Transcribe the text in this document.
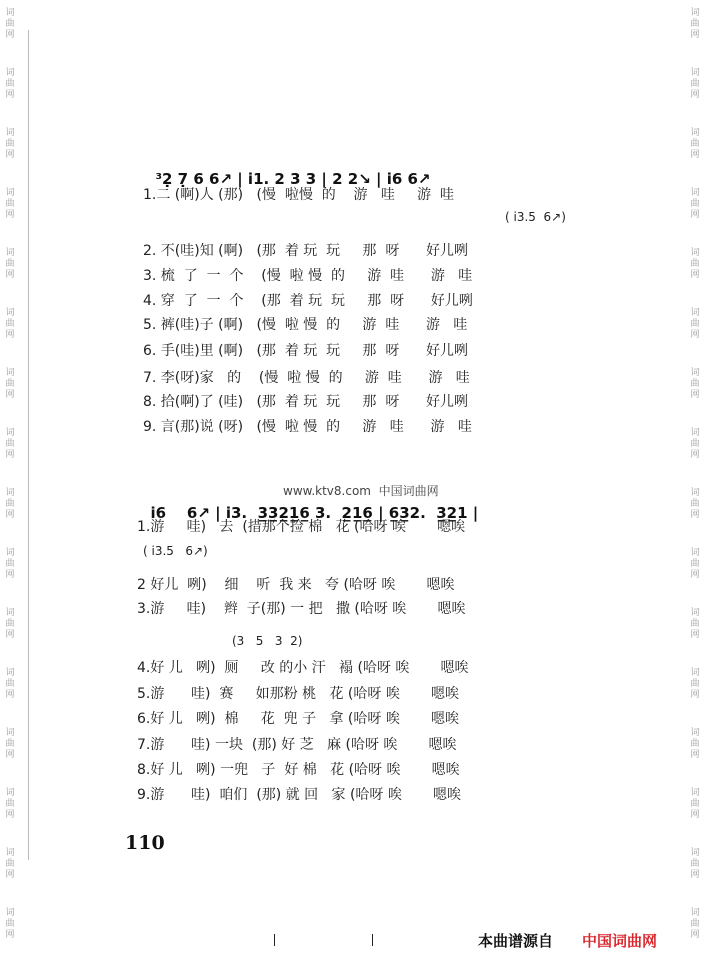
词
曲
网
词
曲
网
词
曲
网
词
曲
网
词
曲
网
词
曲
网
词
曲
网
词
曲
网
词
曲
网
词
曲
网
词
曲
网
词
曲
网
词
曲
网
词
曲
网
词
曲
网
词
曲
网
词
曲
网
词
曲
网
词
曲
网
词
曲
网
词
曲
网
词
曲
网
词
曲
网
词
曲
网
词
曲
网
词
曲
网
词
曲
网
词
曲
网
词
曲
网
词
曲
网
词
曲
网
词
曲
网

³2̣ 7̣ 6 6↗ | i1. 2 3 3 | 2 2↘ | i6 6↗

1.二 (啊)人 (那)   (慢  啦慢  的    游   哇     游  哇
2. 不(哇)知 (啊)   (那  着 玩  玩     那  呀      好儿咧
3. 梳  了  一  个    (慢  啦 慢  的     游  哇      游   哇
4. 穿  了  一  个    (那  着 玩  玩     那  呀      好儿咧
5. 裤(哇)子 (啊)   (慢  啦 慢  的     游  哇      游   哇
6. 手(哇)里 (啊)   (那  着 玩  玩     那  呀      好儿咧
7. 李(呀)家   的    (慢  啦 慢  的     游  哇      游   哇
8. 拾(啊)了 (哇)   (那  着 玩  玩     那  呀      好儿咧
9. 言(那)说 (呀)   (慢  啦 慢  的     游   哇      游   哇
( i3.5  6↗)

i6    6↗ | i3.  3̲3̲2̲1̲6̲ 3.  2̲1̲6̲ | 6̲3̲2.  3̲2̲1 |

www.ktv8.com  中国词曲网
1.游     哇)   去  (措那个捡 棉   花 (哈呀 唉       嗯唉
2 好儿  咧)    细    听  我 来   夸 (哈呀 唉       嗯唉
3.游     哇)    辫  子(那) 一 把   撒 (哈呀 唉       嗯唉
4.好 儿   咧)  厕     改 的小 汗   褟 (哈呀 唉       嗯唉
5.游      哇)  赛     如那粉 桃   花 (哈呀 唉       嗯唉
6.好 儿   咧)  棉     花  兜 子   拿 (哈呀 唉       嗯唉
7.游      哇) 一块  (那) 好 芝   麻 (哈呀 唉       嗯唉
8.好 儿   咧) 一兜   子  好 棉   花 (哈呀 唉       嗯唉
9.游      哇)  咱们  (那) 就 回   家 (哈呀 唉       嗯唉
( i3.5   6↗)
(3   5   3  2)
110
本曲谱源自 中国词曲网
